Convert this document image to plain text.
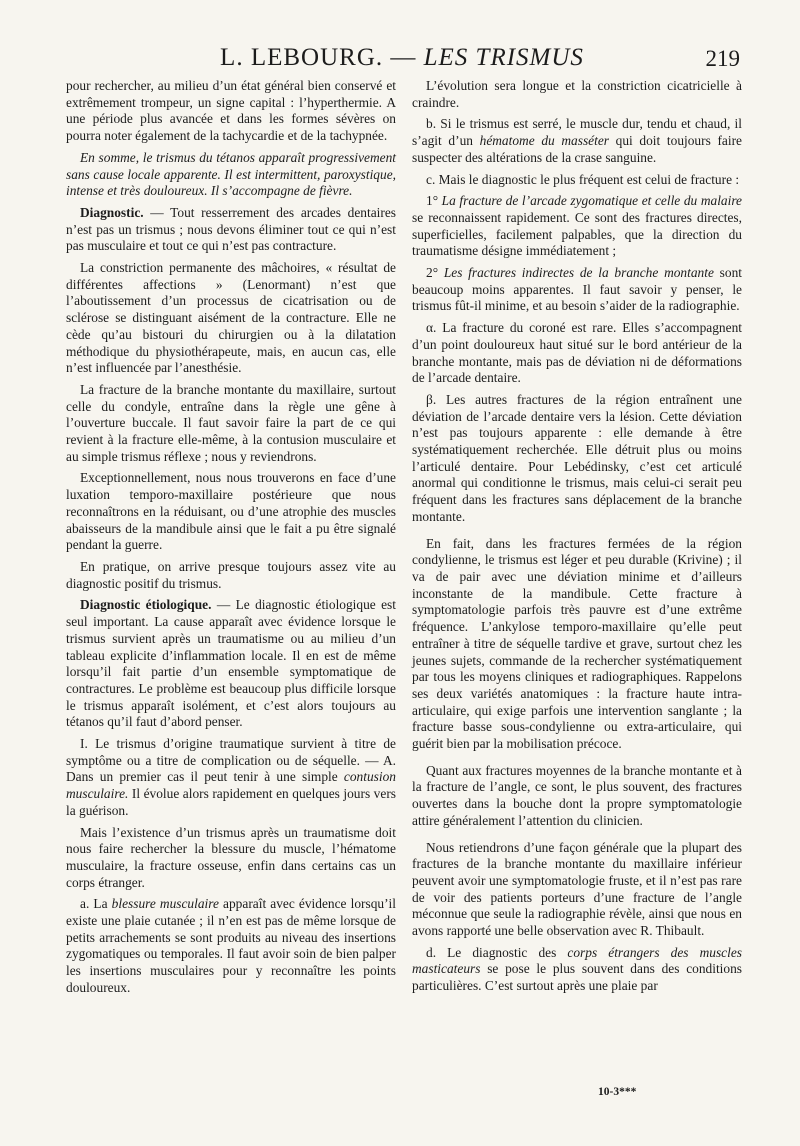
L. LEBOURG. — LES TRISMUS	219

pour rechercher, au milieu d’un état général bien conservé et extrêmement trompeur, un signe capital : l’hyperthermie. A une période plus avancée et dans les formes sévères on pourra noter également de la tachycardie et de la tachypnée.

En somme, le trismus du tétanos apparaît progressivement sans cause locale apparente. Il est intermittent, paroxystique, intense et très douloureux. Il s’accompagne de fièvre.

Diagnostic. — Tout resserrement des arcades dentaires n’est pas un trismus ; nous devons éliminer tout ce qui n’est pas musculaire et tout ce qui n’est pas contracture.

La constriction permanente des mâchoires, « résultat de différentes affections » (Lenormant) n’est que l’aboutissement d’un processus de cicatrisation ou de sclérose se distinguant aisément de la contracture. Elle ne cède qu’au bistouri du chirurgien ou à la dilatation méthodique du physiothérapeute, mais, en aucun cas, elle n’est influencée par l’anesthésie.

La fracture de la branche montante du maxillaire, surtout celle du condyle, entraîne dans la règle une gêne à l’ouverture buccale. Il faut savoir faire la part de ce qui revient à la fracture elle-même, à la contusion musculaire et au simple trismus réflexe ; nous y reviendrons.

Exceptionnellement, nous nous trouverons en face d’une luxation temporo-maxillaire postérieure que nous reconnaîtrons en la réduisant, ou d’une atrophie des muscles abaisseurs de la mandibule ainsi que le fait a pu être signalé pendant la guerre.

En pratique, on arrive presque toujours assez vite au diagnostic positif du trismus.

Diagnostic étiologique. — Le diagnostic étiologique est seul important. La cause apparaît avec évidence lorsque le trismus survient après un traumatisme ou au milieu d’un tableau explicite d’inflammation locale. Il en est de même lorsqu’il fait partie d’un ensemble symptomatique de contractures. Le problème est beaucoup plus difficile lorsque le trismus apparaît isolément, et c’est alors toujours au tétanos qu’il faut d’abord penser.

I. Le trismus d’origine traumatique survient à titre de symptôme ou a titre de complication ou de séquelle. — A. Dans un premier cas il peut tenir à une simple contusion musculaire. Il évolue alors rapidement en quelques jours vers la guérison.

Mais l’existence d’un trismus après un traumatisme doit nous faire rechercher la blessure du muscle, l’hématome musculaire, la fracture osseuse, enfin dans certains cas un corps étranger.

a. La blessure musculaire apparaît avec évidence lorsqu’il existe une plaie cutanée ; il n’en est pas de même lorsque de petits arrachements se sont produits au niveau des insertions zygomatiques ou temporales. Il faut avoir soin de bien palper les insertions musculaires pour y reconnaître les points douloureux.

L’évolution sera longue et la constriction cicatricielle à craindre.

b. Si le trismus est serré, le muscle dur, tendu et chaud, il s’agit d’un hématome du masséter qui doit toujours faire suspecter des altérations de la crase sanguine.

c. Mais le diagnostic le plus fréquent est celui de fracture :

1° La fracture de l’arcade zygomatique et celle du malaire se reconnaissent rapidement. Ce sont des fractures directes, superficielles, facilement palpables, que la direction du traumatisme désigne immédiatement ;

2° Les fractures indirectes de la branche montante sont beaucoup moins apparentes. Il faut savoir y penser, le trismus fût-il minime, et au besoin s’aider de la radiographie.

α. La fracture du coroné est rare. Elles s’accompagnent d’un point douloureux haut situé sur le bord antérieur de la branche montante, mais pas de déviation ni de déformations de l’arcade dentaire.

β. Les autres fractures de la région entraînent une déviation de l’arcade dentaire vers la lésion. Cette déviation n’est pas toujours apparente : elle demande à être systématiquement recherchée. Elle détruit plus ou moins l’articulé dentaire. Pour Lebédinsky, c’est cet articulé anormal qui conditionne le trismus, mais celui-ci serait peu fréquent dans les fractures sans déplacement de la branche montante.

En fait, dans les fractures fermées de la région condylienne, le trismus est léger et peu durable (Krivine) ; il va de pair avec une déviation minime et d’ailleurs inconstante de la mandibule. Cette fracture à symptomatologie parfois très pauvre est d’une extrême fréquence. L’ankylose temporo-maxillaire qu’elle peut entraîner à titre de séquelle tardive et grave, surtout chez les jeunes sujets, commande de la rechercher systématiquement par tous les moyens cliniques et radiographiques. Rappelons ses deux variétés anatomiques : la fracture haute intra-articulaire, qui exige parfois une intervention sanglante ; la fracture basse sous-condylienne ou extra-articulaire, qui guérit bien par la mobilisation précoce.

Quant aux fractures moyennes de la branche montante et à la fracture de l’angle, ce sont, le plus souvent, des fractures ouvertes dans la bouche dont la propre symptomatologie attire généralement l’attention du clinicien.

Nous retiendrons d’une façon générale que la plupart des fractures de la branche montante du maxillaire inférieur peuvent avoir une symptomatologie fruste, et il n’est pas rare de voir des patients porteurs d’une fracture de l’angle méconnue que seule la radiographie révèle, ainsi que nous en avons rapporté une belle observation avec R. Thibault.

d. Le diagnostic des corps étrangers des muscles masticateurs se pose le plus souvent dans des conditions particulières. C’est surtout après une plaie par

10-3***
